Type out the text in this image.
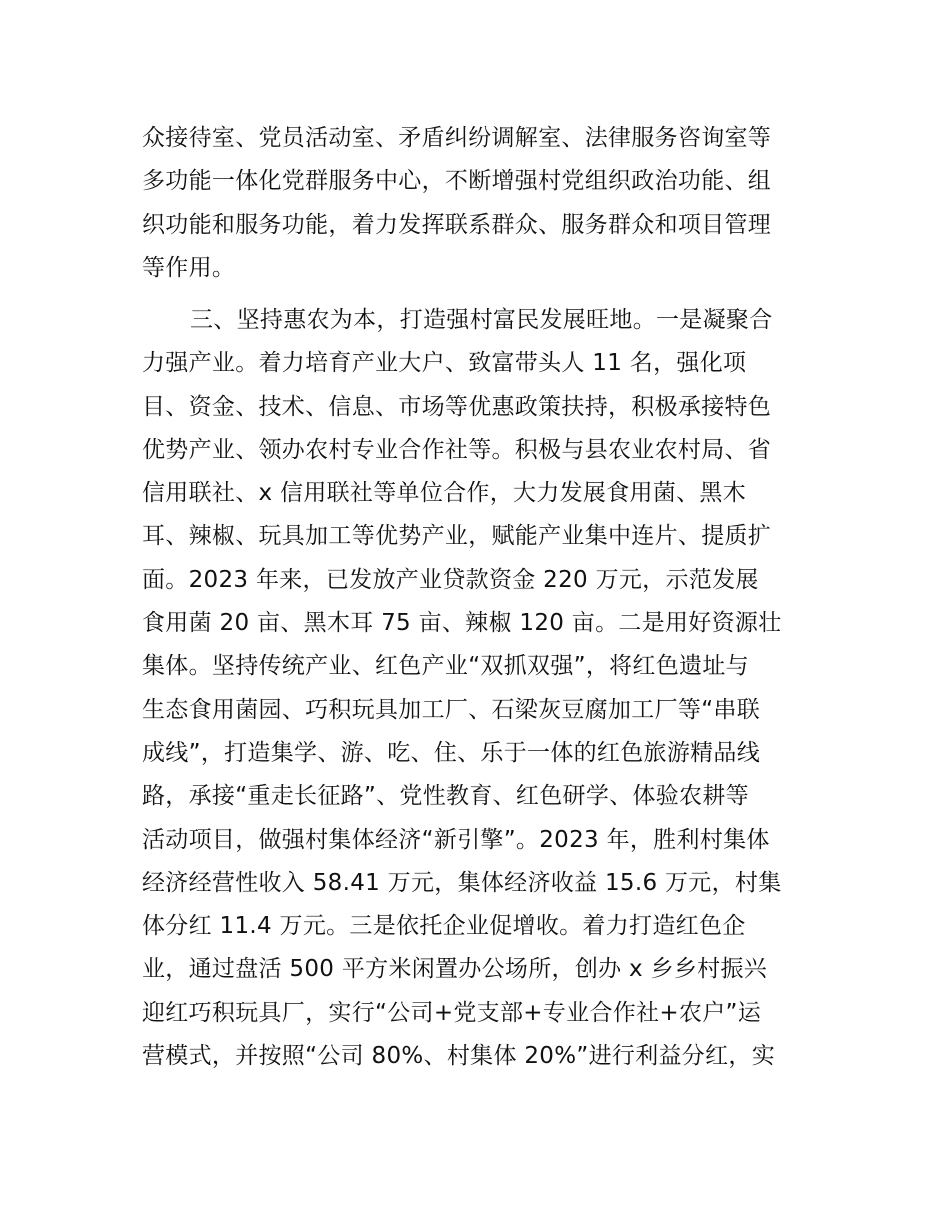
众接待室、党员活动室、矛盾纠纷调解室、法律服务咨询室等
多功能一体化党群服务中心，不断增强村党组织政治功能、组
织功能和服务功能，着力发挥联系群众、服务群众和项目管理
等作用。
三、坚持惠农为本，打造强村富民发展旺地。一是凝聚合
力强产业。着力培育产业大户、致富带头人 11 名，强化项
目、资金、技术、信息、市场等优惠政策扶持，积极承接特色
优势产业、领办农村专业合作社等。积极与县农业农村局、省
信用联社、x 信用联社等单位合作，大力发展食用菌、黑木
耳、辣椒、玩具加工等优势产业，赋能产业集中连片、提质扩
面。2023 年来，已发放产业贷款资金 220 万元，示范发展
食用菌 20 亩、黑木耳 75 亩、辣椒 120 亩。二是用好资源壮
集体。坚持传统产业、红色产业“双抓双强”，将红色遗址与
生态食用菌园、巧积玩具加工厂、石梁灰豆腐加工厂等“串联
成线”，打造集学、游、吃、住、乐于一体的红色旅游精品线
路，承接“重走长征路”、党性教育、红色研学、体验农耕等
活动项目，做强村集体经济“新引擎”。2023 年，胜利村集体
经济经营性收入 58.41 万元，集体经济收益 15.6 万元，村集
体分红 11.4 万元。三是依托企业促增收。着力打造红色企
业，通过盘活 500 平方米闲置办公场所，创办 x 乡乡村振兴
迎红巧积玩具厂，实行“公司+党支部+专业合作社+农户”运
营模式，并按照“公司 80%、村集体 20%”进行利益分红，实
